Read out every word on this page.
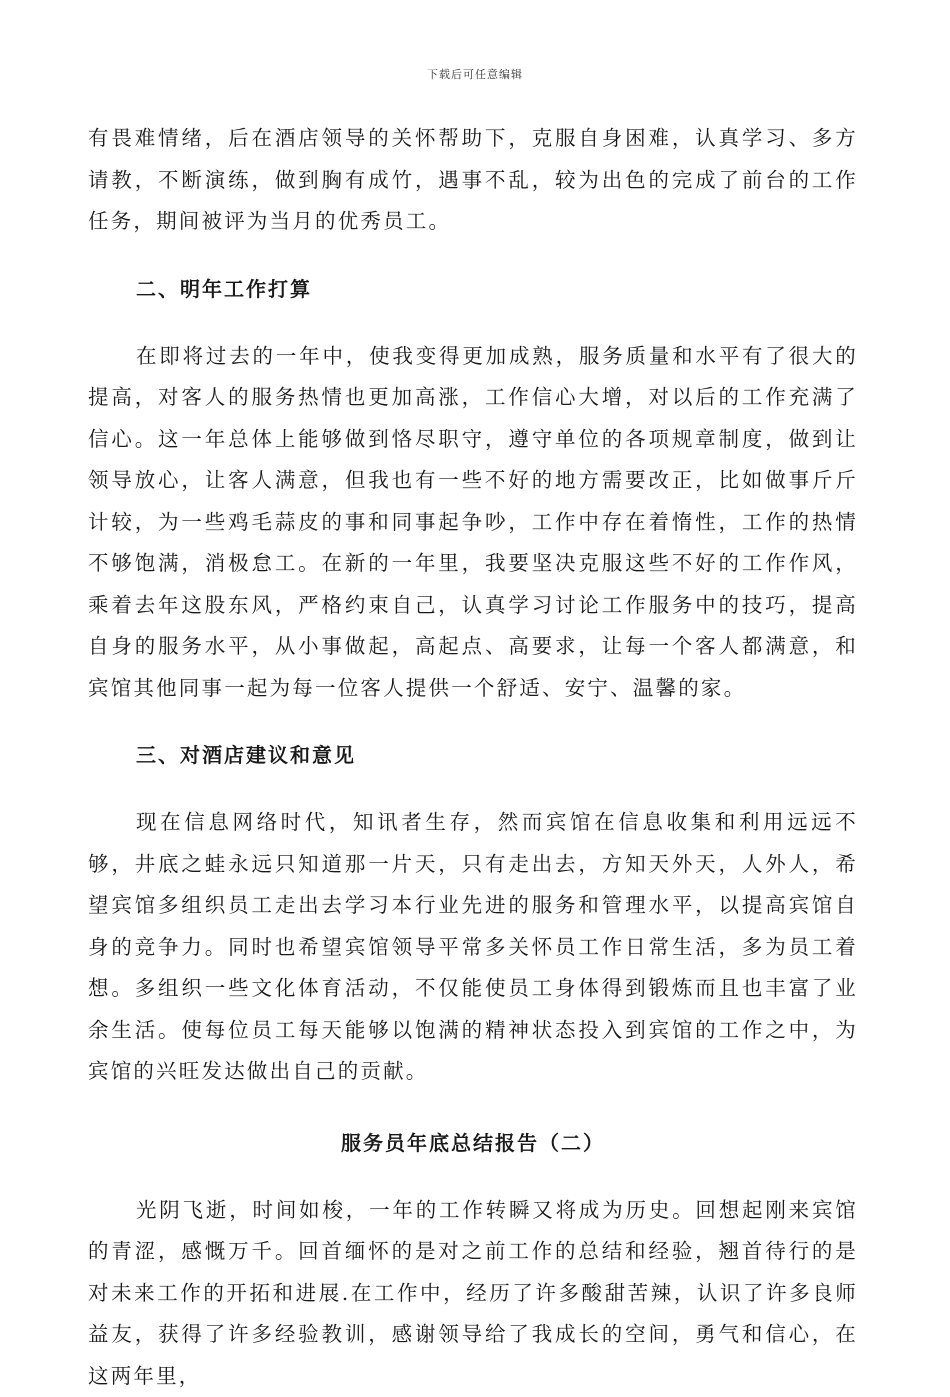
下载后可任意编辑

有畏难情绪，后在酒店领导的关怀帮助下，克服自身困难，认真学习、多方请教，不断演练，做到胸有成竹，遇事不乱，较为出色的完成了前台的工作任务，期间被评为当月的优秀员工。

二、明年工作打算

在即将过去的一年中，使我变得更加成熟，服务质量和水平有了很大的提高，对客人的服务热情也更加高涨，工作信心大增，对以后的工作充满了信心。这一年总体上能够做到恪尽职守，遵守单位的各项规章制度，做到让领导放心，让客人满意，但我也有一些不好的地方需要改正，比如做事斤斤计较，为一些鸡毛蒜皮的事和同事起争吵，工作中存在着惰性，工作的热情不够饱满，消极怠工。在新的一年里，我要坚决克服这些不好的工作作风，乘着去年这股东风，严格约束自己，认真学习讨论工作服务中的技巧，提高自身的服务水平，从小事做起，高起点、高要求，让每一个客人都满意，和宾馆其他同事一起为每一位客人提供一个舒适、安宁、温馨的家。

三、对酒店建议和意见

现在信息网络时代，知讯者生存，然而宾馆在信息收集和利用远远不够，井底之蛙永远只知道那一片天，只有走出去，方知天外天，人外人，希望宾馆多组织员工走出去学习本行业先进的服务和管理水平，以提高宾馆自身的竞争力。同时也希望宾馆领导平常多关怀员工作日常生活，多为员工着想。多组织一些文化体育活动，不仅能使员工身体得到锻炼而且也丰富了业余生活。使每位员工每天能够以饱满的精神状态投入到宾馆的工作之中，为宾馆的兴旺发达做出自己的贡献。

服务员年底总结报告（二）

光阴飞逝，时间如梭，一年的工作转瞬又将成为历史。回想起刚来宾馆的青涩，感慨万千。回首缅怀的是对之前工作的总结和经验，翘首待行的是对未来工作的开拓和进展.在工作中，经历了许多酸甜苦辣，认识了许多良师益友，获得了许多经验教训，感谢领导给了我成长的空间，勇气和信心，在这两年里，
